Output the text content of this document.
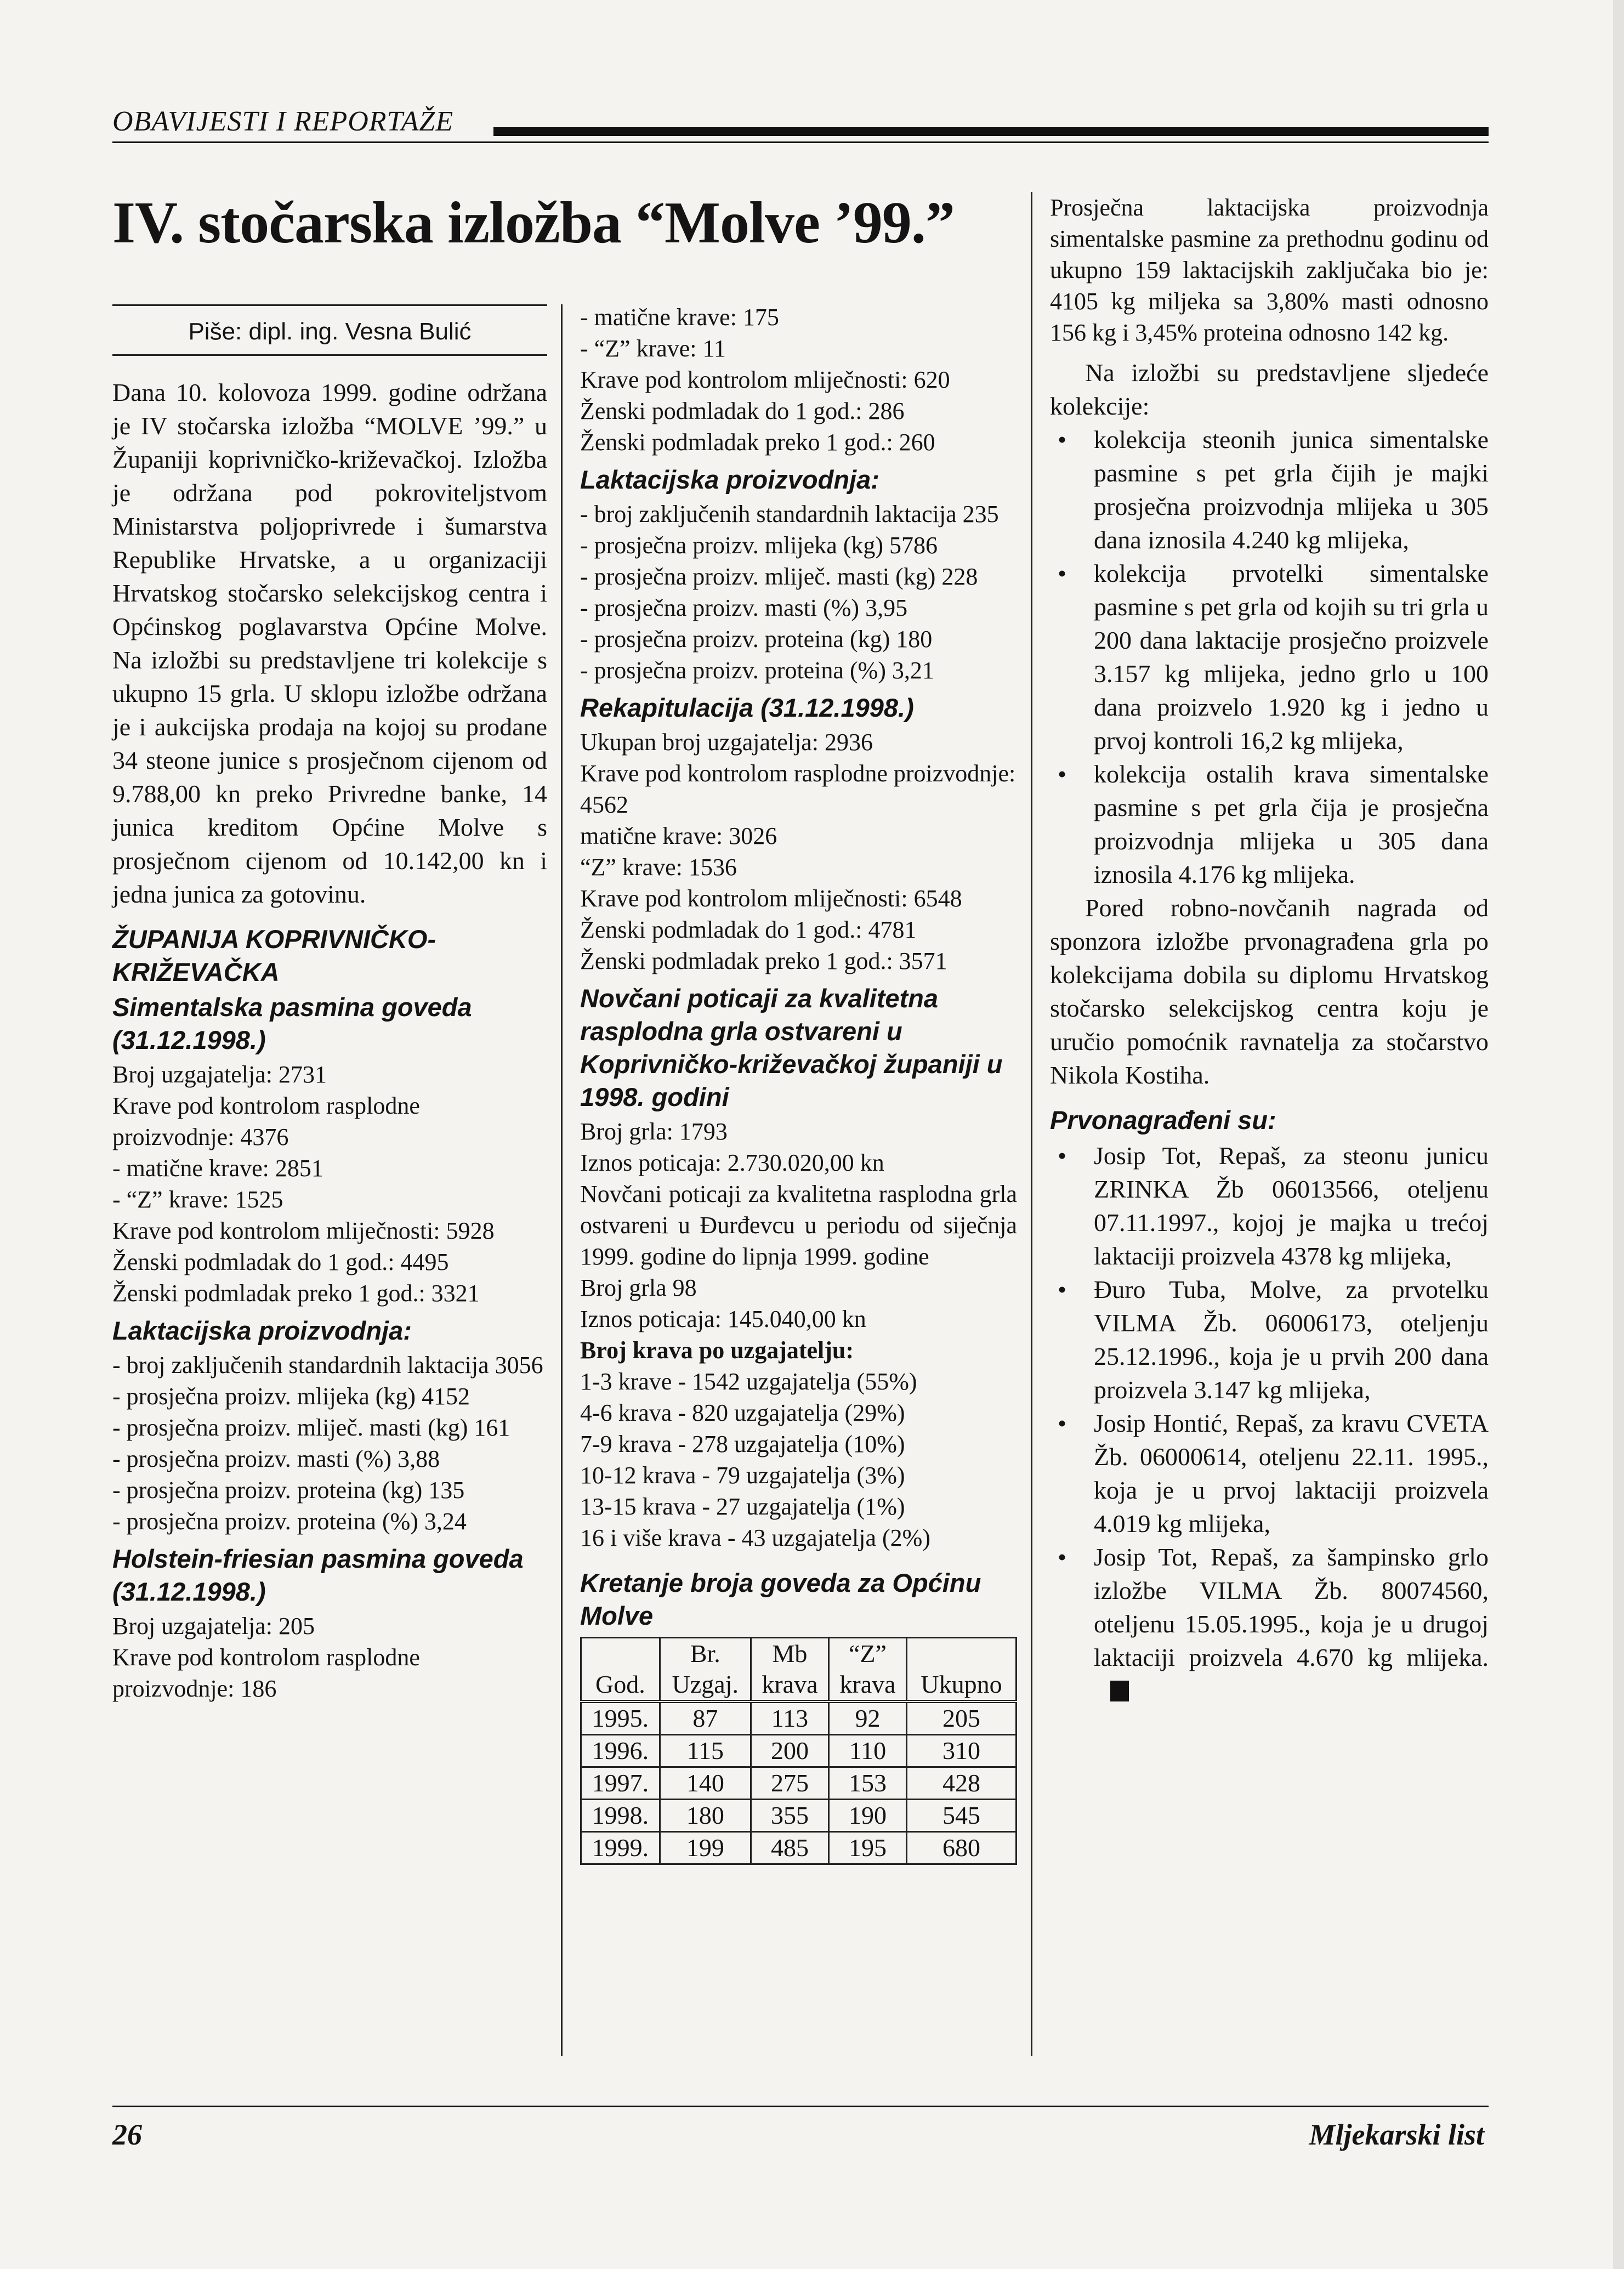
OBAVIJESTI I REPORTAŽE
IV. stočarska izložba “Molve ’99.”
Piše: dipl. ing. Vesna Bulić

Dana 10. kolovoza 1999. godine održana je IV stočarska izložba “MOLVE ’99.” u Županiji koprivničko-križevačkoj. Izložba je održana pod pokroviteljstvom Ministarstva poljoprivrede i šumarstva Republike Hrvatske, a u organizaciji Hrvatskog stočarsko selekcijskog centra i Općinskog poglavarstva Općine Molve. Na izložbi su predstavljene tri kolekcije s ukupno 15 grla. U sklopu izložbe održana je i aukcijska prodaja na kojoj su prodane 34 steone junice s prosječnom cijenom od 9.788,00 kn preko Privredne banke, 14 junica kreditom Općine Molve s prosječnom cijenom od 10.142,00 kn i jedna junica za gotovinu.

ŽUPANIJA KOPRIVNIČKO-KRIŽEVAČKA
Simentalska pasmina goveda (31.12.1998.)

Broj uzgajatelja: 2731

Krave pod kontrolom rasplodne proizvodnje: 4376

- matične krave: 2851

- “Z” krave: 1525

Krave pod kontrolom mliječnosti: 5928

Ženski podmladak do 1 god.: 4495

Ženski podmladak preko 1 god.: 3321

Laktacijska proizvodnja:

- broj zaključenih standardnih laktacija 3056

- prosječna proizv. mlijeka (kg) 4152

- prosječna proizv. mliječ. masti (kg) 161

- prosječna proizv. masti (%) 3,88

- prosječna proizv. proteina (kg) 135

- prosječna proizv. proteina (%) 3,24

Holstein-friesian pasmina goveda (31.12.1998.)

Broj uzgajatelja: 205

Krave pod kontrolom rasplodne proizvodnje: 186

- matične krave: 175

- “Z” krave: 11

Krave pod kontrolom mliječnosti: 620

Ženski podmladak do 1 god.: 286

Ženski podmladak preko 1 god.: 260

Laktacijska proizvodnja:

- broj zaključenih standardnih laktacija 235

- prosječna proizv. mlijeka (kg) 5786

- prosječna proizv. mliječ. masti (kg) 228

- prosječna proizv. masti (%) 3,95

- prosječna proizv. proteina (kg) 180

- prosječna proizv. proteina (%) 3,21

Rekapitulacija (31.12.1998.)

Ukupan broj uzgajatelja: 2936

Krave pod kontrolom rasplodne proizvodnje: 4562

matične krave: 3026

“Z” krave: 1536

Krave pod kontrolom mliječnosti: 6548

Ženski podmladak do 1 god.: 4781

Ženski podmladak preko 1 god.: 3571

Novčani poticaji za kvalitetna rasplodna grla ostvareni u Koprivničko-križevačkoj županiji u 1998. godini

Broj grla: 1793

Iznos poticaja: 2.730.020,00 kn

Novčani poticaji za kvalitetna rasplodna grla ostvareni u Đurđevcu u periodu od siječnja 1999. godine do lipnja 1999. godine

Broj grla 98

Iznos poticaja: 145.040,00 kn

Broj krava po uzgajatelju:

1-3 krave - 1542 uzgajatelja (55%)

4-6 krava - 820 uzgajatelja (29%)

7-9 krava - 278 uzgajatelja (10%)

10-12 krava - 79 uzgajatelja (3%)

13-15 krava - 27 uzgajatelja (1%)

16 i više krava - 43 uzgajatelja (2%)

Kretanje broja goveda za Općinu Molve
	Br.	Mb	“Z”	
God.	Uzgaj.	krava	krava	Ukupno
1995.	87	113	92	205
1996.	115	200	110	310
1997.	140	275	153	428
1998.	180	355	190	545
1999.	199	485	195	680

Prosječna laktacijska proizvodnja simentalske pasmine za prethodnu godinu od ukupno 159 laktacijskih zaključaka bio je: 4105 kg miljeka sa 3,80% masti odnosno 156 kg i 3,45% proteina odnosno 142 kg.

Na izložbi su predstavljene sljedeće kolekcije:

• kolekcija steonih junica simentalske pasmine s pet grla čijih je majki prosječna proizvodnja mlijeka u 305 dana iznosila 4.240 kg mlijeka,
• kolekcija prvotelki simentalske pasmine s pet grla od kojih su tri grla u 200 dana laktacije prosječno proizvele 3.157 kg mlijeka, jedno grlo u 100 dana proizvelo 1.920 kg i jedno u prvoj kontroli 16,2 kg mlijeka,
• kolekcija ostalih krava simentalske pasmine s pet grla čija je prosječna proizvodnja mlijeka u 305 dana iznosila 4.176 kg mlijeka.

Pored robno-novčanih nagrada od sponzora izložbe prvonagrađena grla po kolekcijama dobila su diplomu Hrvatskog stočarsko selekcijskog centra koju je uručio pomoćnik ravnatelja za stočarstvo Nikola Kostiha.

Prvonagrađeni su:
• Josip Tot, Repaš, za steonu junicu ZRINKA Žb 06013566, oteljenu 07.11.1997., kojoj je majka u trećoj laktaciji proizvela 4378 kg mlijeka,
• Đuro Tuba, Molve, za prvotelku VILMA Žb. 06006173, oteljenju 25.12.1996., koja je u prvih 200 dana proizvela 3.147 kg mlijeka,
• Josip Hontić, Repaš, za kravu CVETA Žb. 06000614, oteljenu 22.11. 1995., koja je u prvoj laktaciji proizvela 4.019 kg mlijeka,
• Josip Tot, Repaš, za šampinsko grlo izložbe VILMA Žb. 80074560, oteljenu 15.05.1995., koja je u drugoj laktaciji proizvela 4.670 kg mlijeka.
26	Mljekarski list
